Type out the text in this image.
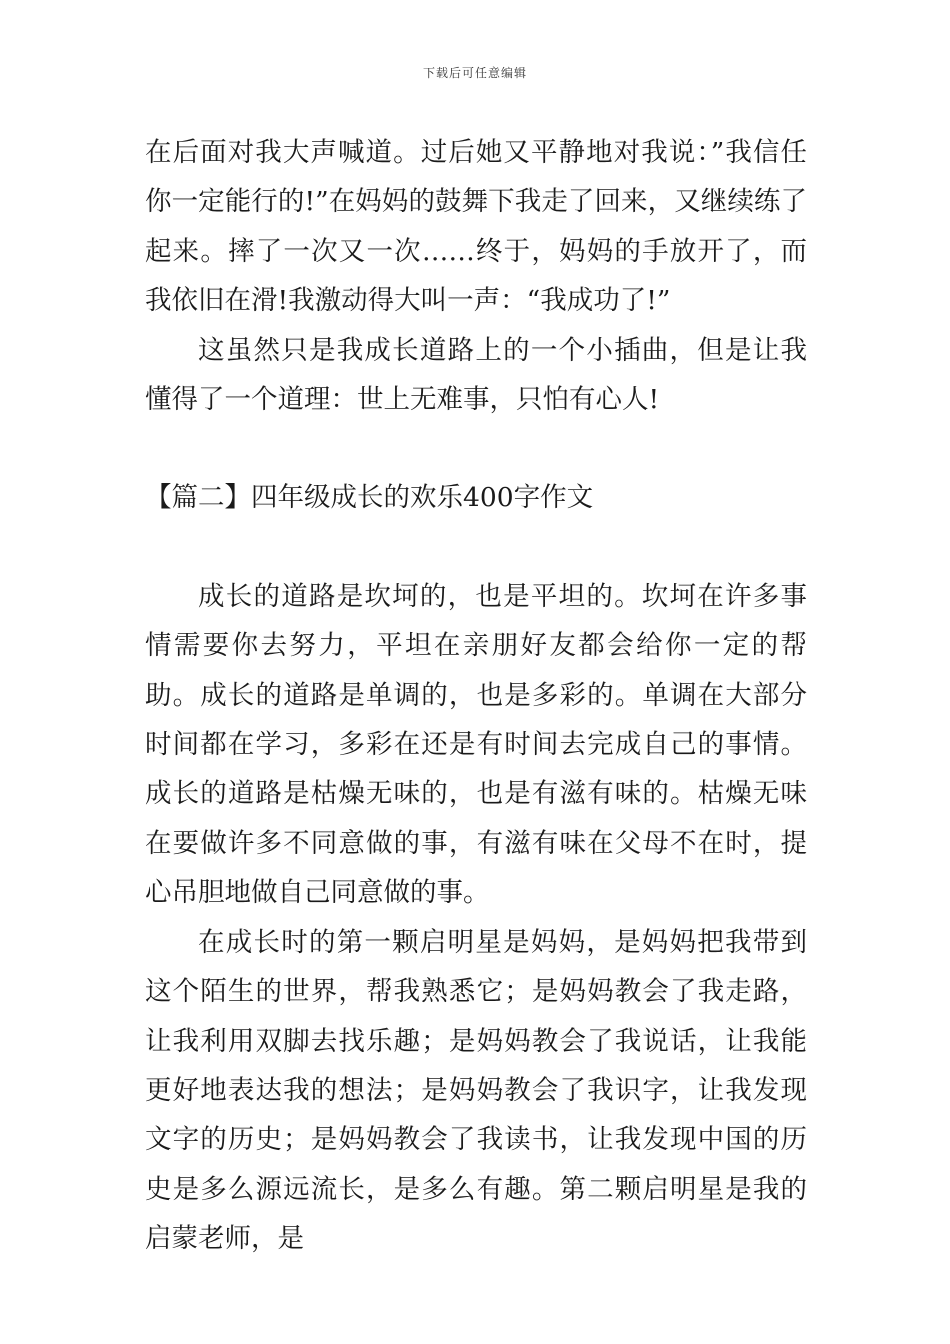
下载后可任意编辑

在后面对我大声喊道。过后她又平静地对我说：”我信任你一定能行的!”在妈妈的鼓舞下我走了回来，又继续练了起来。摔了一次又一次……终于，妈妈的手放开了，而我依旧在滑!我激动得大叫一声：“我成功了!”

这虽然只是我成长道路上的一个小插曲，但是让我懂得了一个道理：世上无难事，只怕有心人!

【篇二】四年级成长的欢乐400字作文

成长的道路是坎坷的，也是平坦的。坎坷在许多事情需要你去努力，平坦在亲朋好友都会给你一定的帮助。成长的道路是单调的，也是多彩的。单调在大部分时间都在学习，多彩在还是有时间去完成自己的事情。成长的道路是枯燥无味的，也是有滋有味的。枯燥无味在要做许多不同意做的事，有滋有味在父母不在时，提心吊胆地做自己同意做的事。

在成长时的第一颗启明星是妈妈，是妈妈把我带到这个陌生的世界，帮我熟悉它；是妈妈教会了我走路，让我利用双脚去找乐趣；是妈妈教会了我说话，让我能更好地表达我的想法；是妈妈教会了我识字，让我发现文字的历史；是妈妈教会了我读书，让我发现中国的历史是多么源远流长，是多么有趣。第二颗启明星是我的启蒙老师，是
